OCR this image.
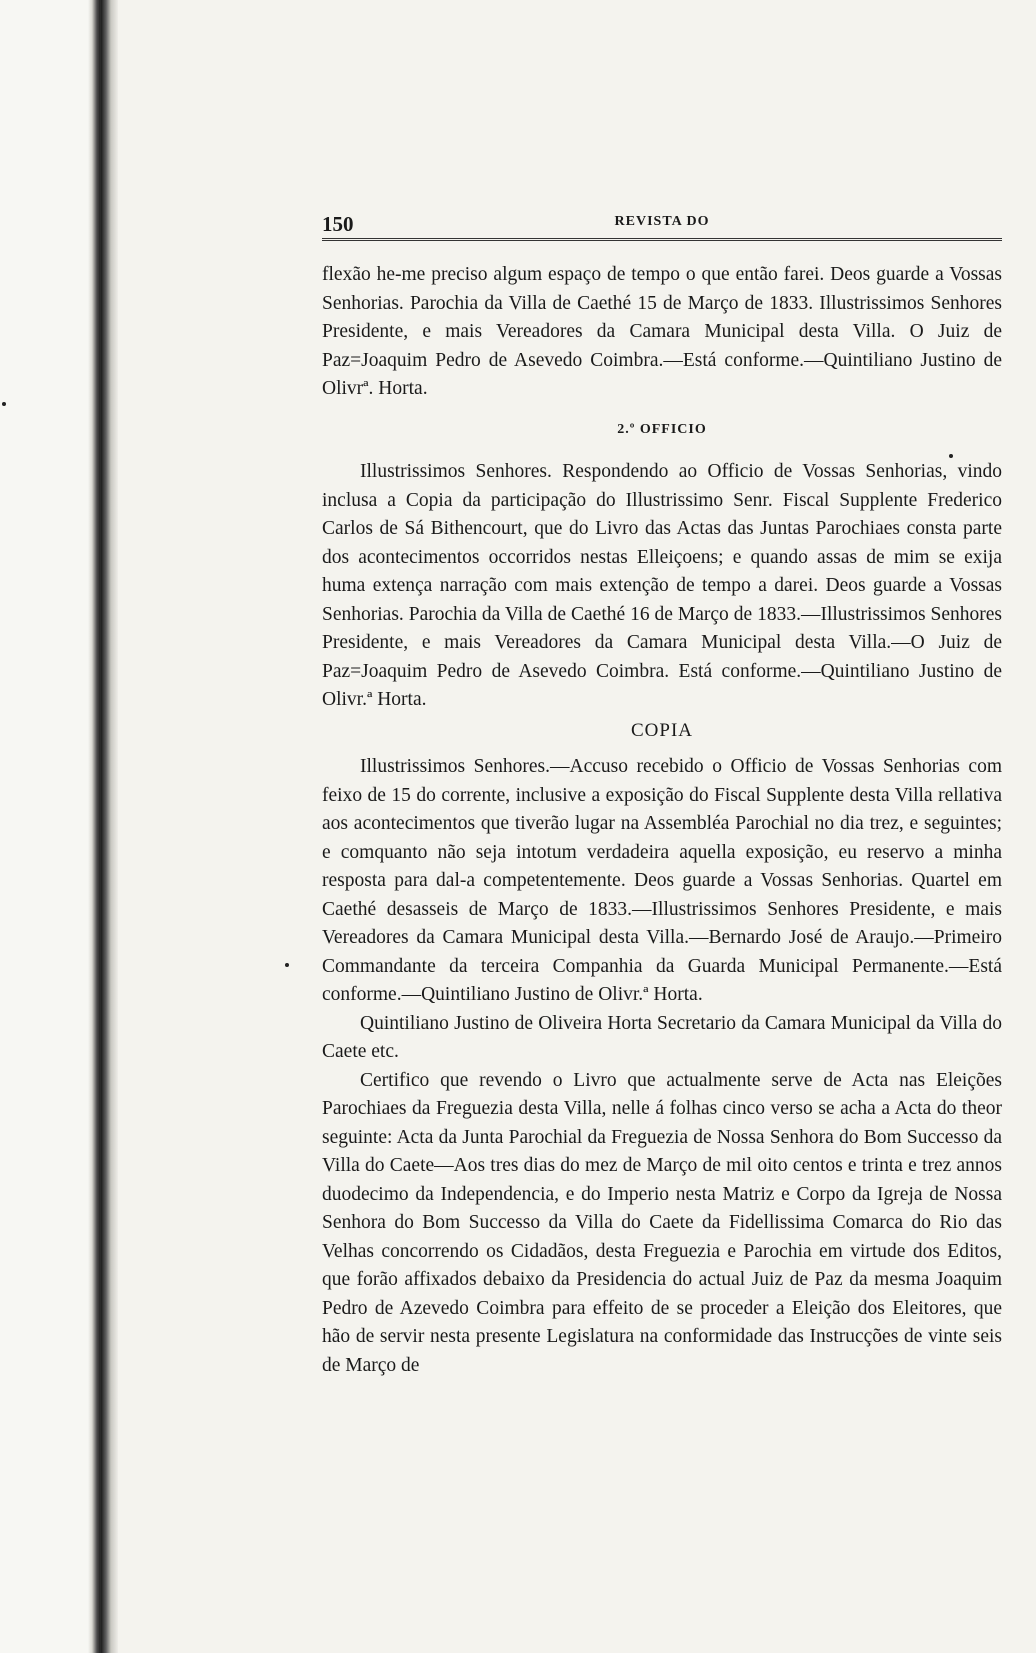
150	REVISTA DO

flexão he-me preciso algum espaço de tempo o que então farei. Deos guarde a Vossas Senhorias. Parochia da Villa de Caethé 15 de Março de 1833. Illustrissimos Senhores Presidente, e mais Vereadores da Camara Municipal desta Villa. O Juiz de Paz=Joaquim Pedro de Asevedo Coimbra.—Está conforme.—Quintiliano Justino de Olivrª. Horta.

2.º OFFICIO

Illustrissimos Senhores. Respondendo ao Officio de Vossas Senhorias, vindo inclusa a Copia da participação do Illustrissimo Senr. Fiscal Supplente Frederico Carlos de Sá Bithencourt, que do Livro das Actas das Juntas Parochiaes consta parte dos acontecimentos occorridos nestas Elleiçoens; e quando assas de mim se exija huma extença narração com mais extenção de tempo a darei. Deos guarde a Vossas Senhorias. Parochia da Villa de Caethé 16 de Março de 1833.—Illustrissimos Senhores Presidente, e mais Vereadores da Camara Municipal desta Villa.—O Juiz de Paz=Joaquim Pedro de Asevedo Coimbra. Está conforme.—Quintiliano Justino de Olivr.ª Horta.

COPIA

Illustrissimos Senhores.—Accuso recebido o Officio de Vossas Senhorias com feixo de 15 do corrente, inclusive a exposição do Fiscal Supplente desta Villa rellativa aos acontecimentos que tiverão lugar na Assembléa Parochial no dia trez, e seguintes; e comquanto não seja intotum verdadeira aquella exposição, eu reservo a minha resposta para dal-a competentemente. Deos guarde a Vossas Senhorias. Quartel em Caethé desasseis de Março de 1833.—Illustrissimos Senhores Presidente, e mais Vereadores da Camara Municipal desta Villa.—Bernardo José de Araujo.—Primeiro Commandante da terceira Companhia da Guarda Municipal Permanente.—Está conforme.—Quintiliano Justino de Olivr.ª Horta.

Quintiliano Justino de Oliveira Horta Secretario da Camara Municipal da Villa do Caete etc.

Certifico que revendo o Livro que actualmente serve de Acta nas Eleições Parochiaes da Freguezia desta Villa, nelle á folhas cinco verso se acha a Acta do theor seguinte: Acta da Junta Parochial da Freguezia de Nossa Senhora do Bom Successo da Villa do Caete—Aos tres dias do mez de Março de mil oito centos e trinta e trez annos duodecimo da Independencia, e do Imperio nesta Matriz e Corpo da Igreja de Nossa Senhora do Bom Successo da Villa do Caete da Fidellissima Comarca do Rio das Velhas concorrendo os Cidadãos, desta Freguezia e Parochia em virtude dos Editos, que forão affixados debaixo da Presidencia do actual Juiz de Paz da mesma Joaquim Pedro de Azevedo Coimbra para effeito de se proceder a Eleição dos Eleitores, que hão de servir nesta presente Legislatura na conformidade das Instrucções de vinte seis de Março de
